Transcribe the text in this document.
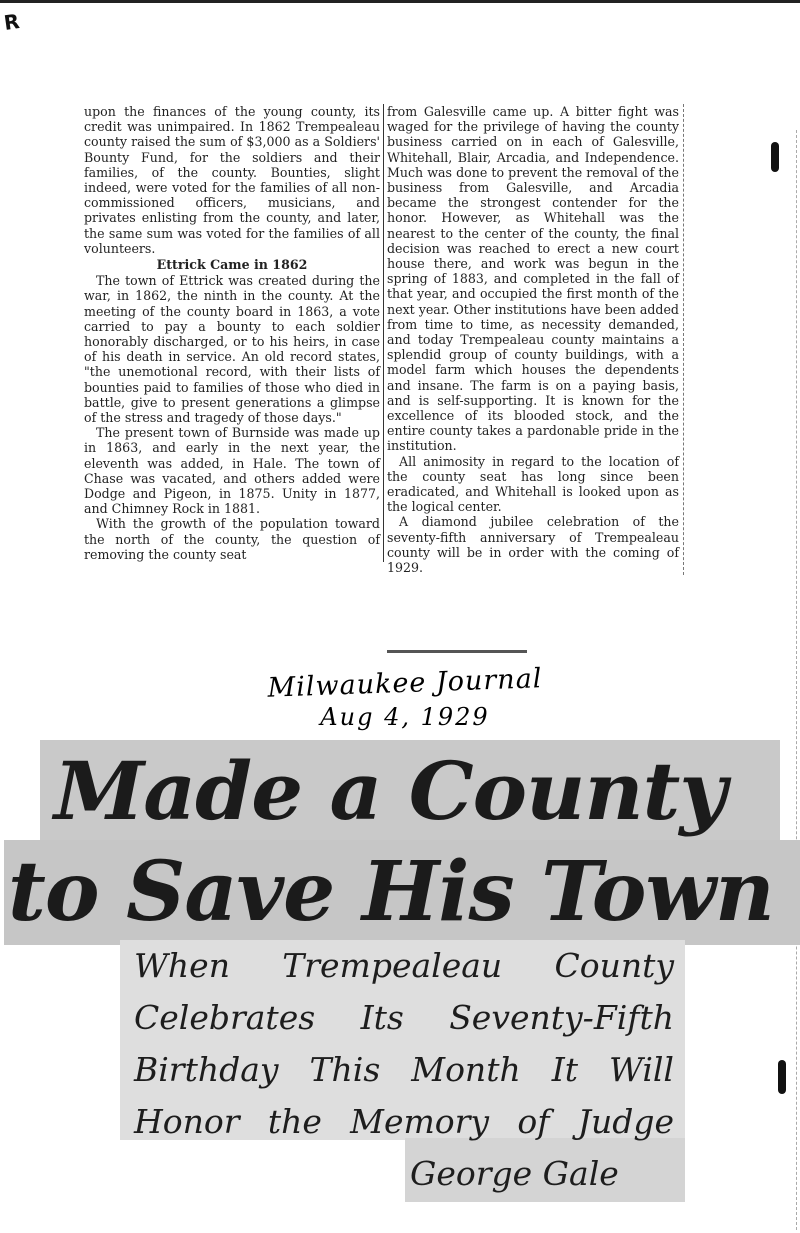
R

upon the finances of the young county, its credit was unimpaired. In 1862 Trempealeau county raised the sum of $3,000 as a Soldiers' Bounty Fund, for the soldiers and their families, of the county. Bounties, slight indeed, were voted for the families of all non-commissioned officers, musicians, and privates enlisting from the county, and later, the same sum was voted for the families of all volunteers.

Ettrick Came in 1862

The town of Ettrick was created during the war, in 1862, the ninth in the county. At the meeting of the county board in 1863, a vote carried to pay a bounty to each soldier honorably discharged, or to his heirs, in case of his death in service. An old record states, "the unemotional record, with their lists of bounties paid to families of those who died in battle, give to present generations a glimpse of the stress and tragedy of those days."

The present town of Burnside was made up in 1863, and early in the next year, the eleventh was added, in Hale. The town of Chase was vacated, and others added were Dodge and Pigeon, in 1875. Unity in 1877, and Chimney Rock in 1881.

With the growth of the population toward the north of the county, the question of removing the county seat

from Galesville came up. A bitter fight was waged for the privilege of having the county business carried on in each of Galesville, Whitehall, Blair, Arcadia, and Independence. Much was done to prevent the removal of the business from Galesville, and Arcadia became the strongest contender for the honor. However, as Whitehall was the nearest to the center of the county, the final decision was reached to erect a new court house there, and work was begun in the spring of 1883, and completed in the fall of that year, and occupied the first month of the next year. Other institutions have been added from time to time, as necessity demanded, and today Trempealeau county maintains a splendid group of county buildings, with a model farm which houses the dependents and insane. The farm is on a paying basis, and is self-supporting. It is known for the excellence of its blooded stock, and the entire county takes a pardonable pride in the institution.

All animosity in regard to the location of the county seat has long since been eradicated, and Whitehall is looked upon as the logical center.

A diamond jubilee celebration of the seventy-fifth anniversary of Trempealeau county will be in order with the coming of 1929.

Milwaukee Journal
Aug 4, 1929
Made a County
to Save His Town
When Trempealeau County
Celebrates Its Seventy-Fifth
Birthday This Month It Will
Honor the Memory of Judge
George Gale
